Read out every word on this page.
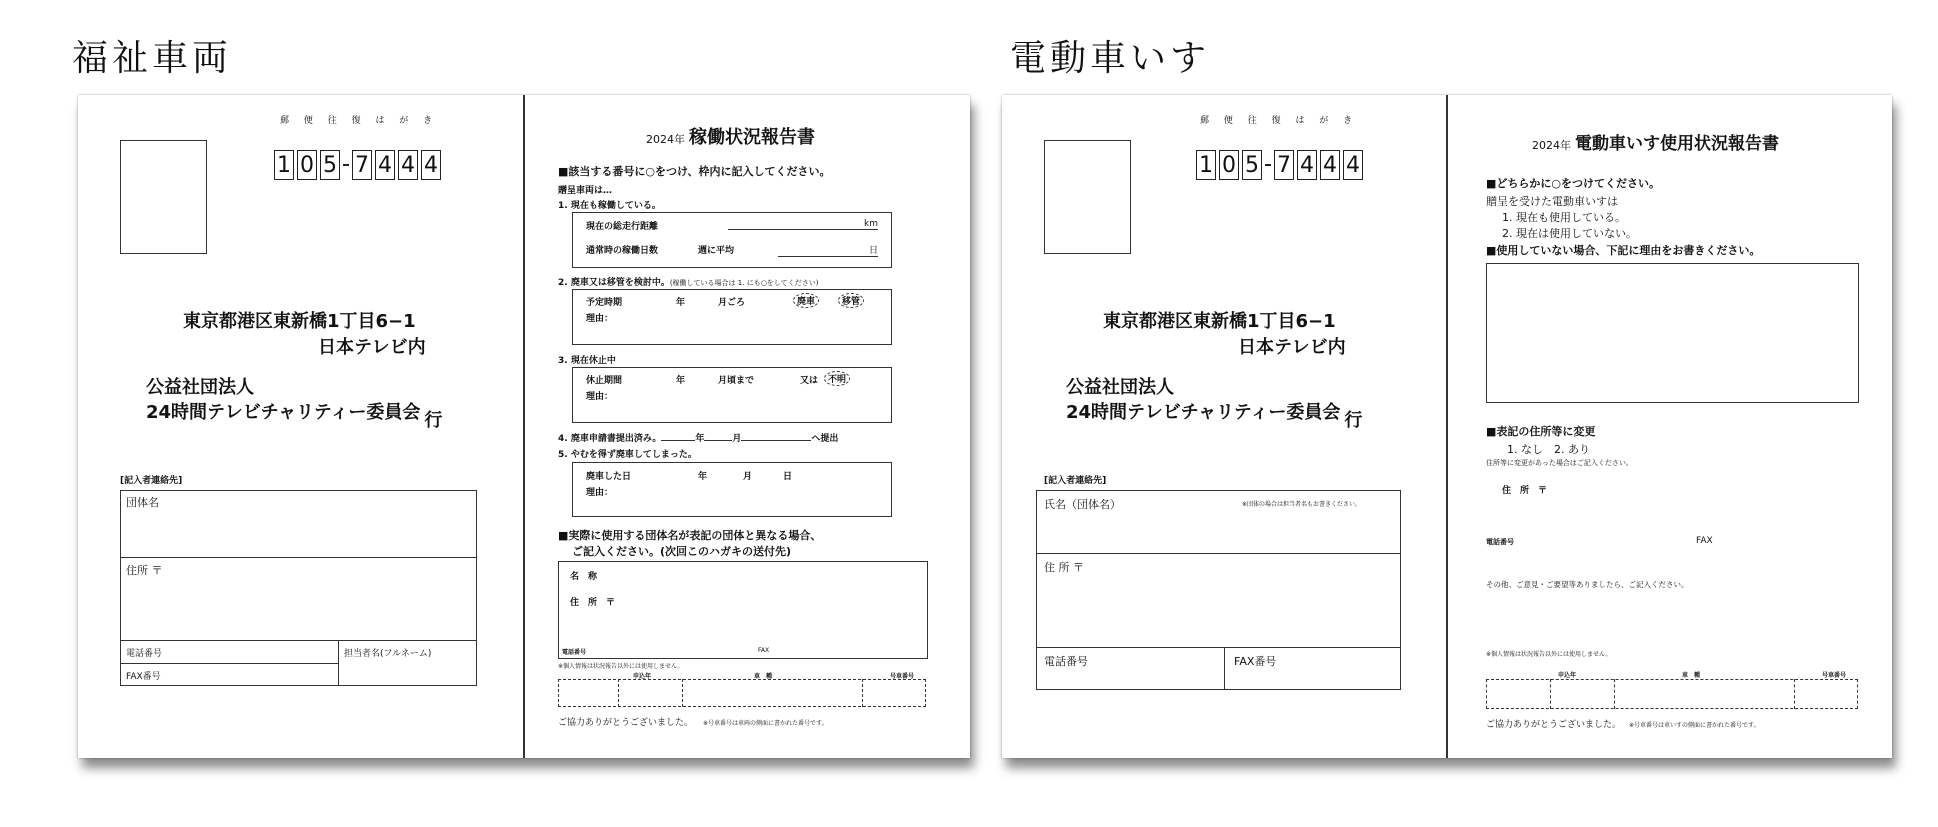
福祉車両	電動車いす
郵 便 往 復 は が き
1 0 5 7 4 4 4
東京都港区東新橋1丁目6−1
日本テレビ内
公益社団法人
24時間テレビチャリティー委員会 行
[記入者連絡先]
団体名
住所 〒
電話番号	担当者名(フルネーム)
FAX番号
2024年 稼働状況報告書
■該当する番号に○をつけ、枠内に記入してください。
贈呈車両は…
1. 現在も稼働している。
現在の総走行距離	km
通常時の稼働日数	週に平均	日
2. 廃車又は移管を検討中。(稼働している場合は 1. にも○をしてください)
予定時期	年	月ごろ	廃車	移管
理由：
3. 現在休止中
休止期間	年	月頃まで	又は	不明
理由：
4. 廃車申請書提出済み。	年	月	へ提出
5. やむを得ず廃車してしまった。
廃車した日	年	月	日
理由：
■実際に使用する団体名が表記の団体と異なる場合、
ご記入ください。(次回このハガキの送付先)
名　称
住　所　〒
電話番号	FAX
※個人情報は状況報告以外には使用しません。
申込年	車　種	号車番号
ご協力ありがとうございました。 ※号車番号は車両の側面に書かれた番号です。
郵 便 往 復 は が き
1 0 5 7 4 4 4
東京都港区東新橋1丁目6−1
日本テレビ内
公益社団法人
24時間テレビチャリティー委員会 行
[記入者連絡先]
氏名（団体名）	※団体の場合は担当者名もお書きください。
住 所 〒
電話番号	FAX番号
2024年 電動車いす使用状況報告書
■どちらかに○をつけてください。
贈呈を受けた電動車いすは
1. 現在も使用している。
2. 現在は使用していない。
■使用していない場合、下記に理由をお書きください。
■表記の住所等に変更
1. なし　2. あり
住所等に変更があった場合はご記入ください。
住　所　〒
電話番号	FAX
その他、ご意見・ご要望等ありましたら、ご記入ください。
※個人情報は状況報告以外には使用しません。
申込年	車　種	号車番号
ご協力ありがとうございました。 ※号車番号は車いすの側面に書かれた番号です。
